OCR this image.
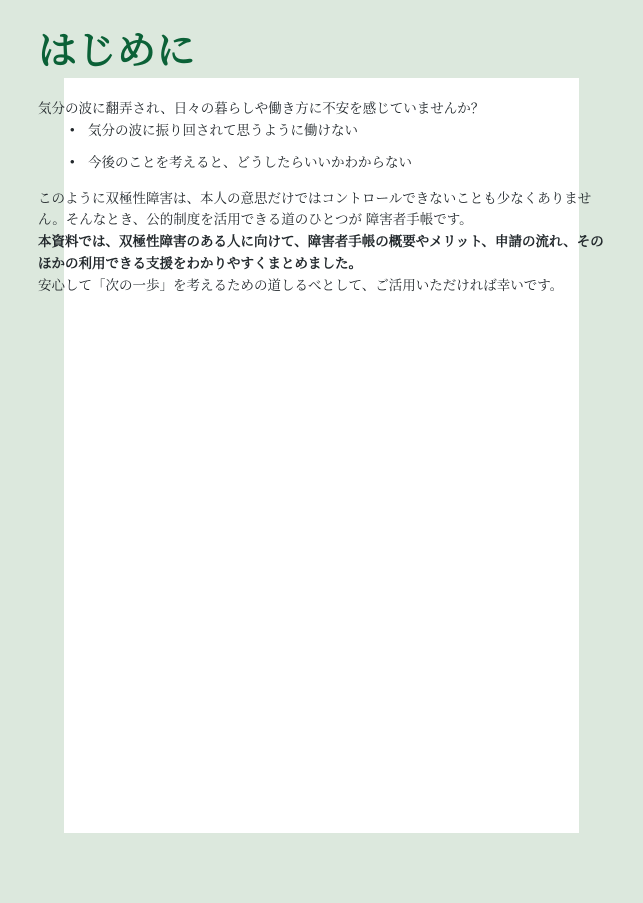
はじめに

気分の波に翻弄され、日々の暮らしや働き方に不安を感じていませんか？

• 気分の波に振り回されて思うように働けない
• 今後のことを考えると、どうしたらいいかわからない

このように双極性障害は、本人の意思だけではコントロールできないことも少なくありません。そんなとき、公的制度を活用できる道のひとつが 障害者手帳です。

本資料では、双極性障害のある人に向けて、障害者手帳の概要やメリット、申請の流れ、そのほかの利用できる支援をわかりやすくまとめました。

安心して「次の一歩」を考えるための道しるべとして、ご活用いただければ幸いです。
